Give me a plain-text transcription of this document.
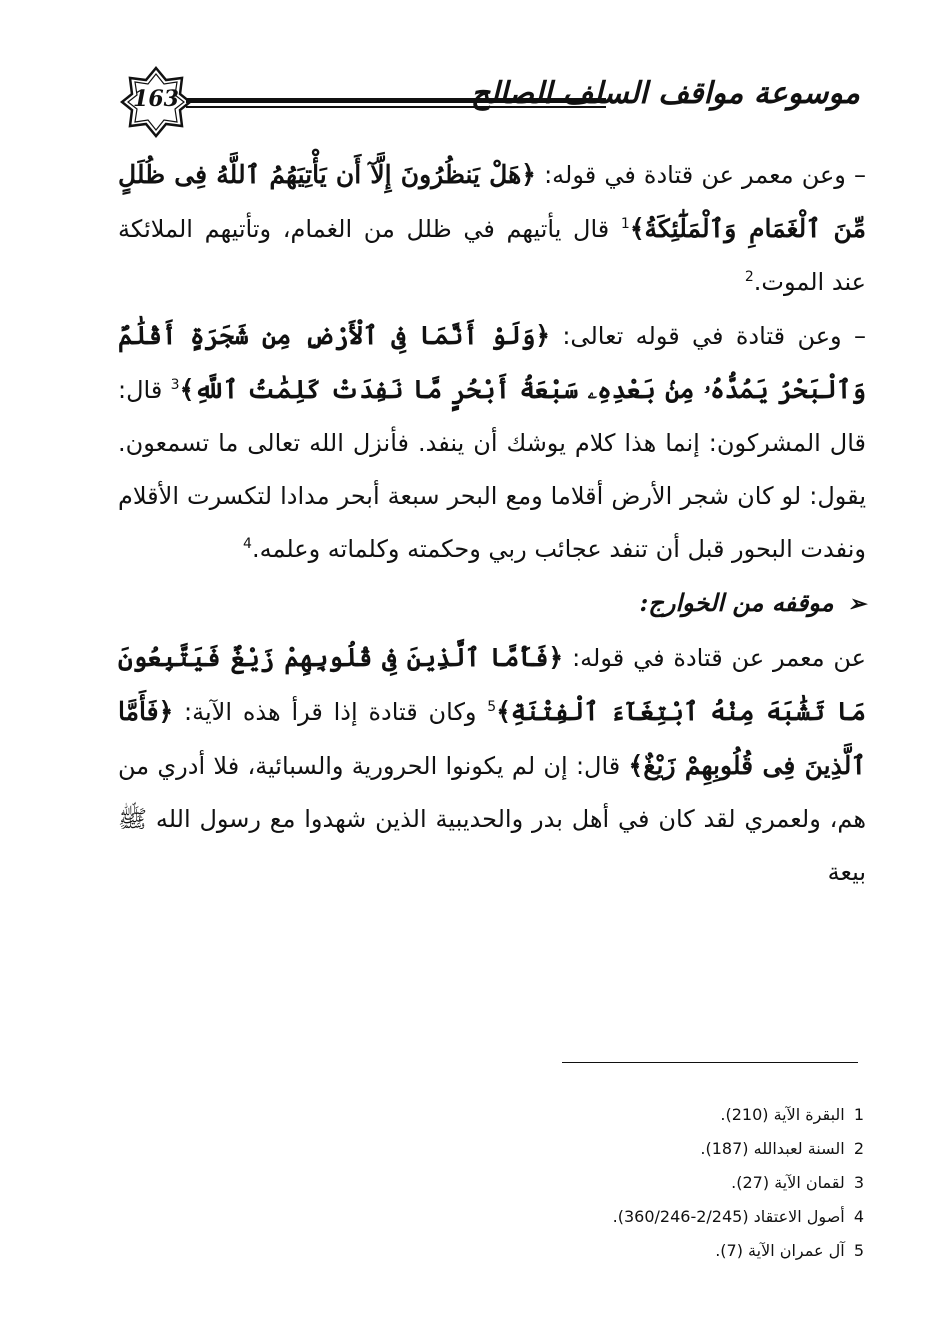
163	موسوعة مواقف السلف الصالح

– وعن معمر عن قتادة في قوله: ﴿هَلْ يَنظُرُونَ إِلَّآ أَن يَأْتِيَهُمُ ٱللَّهُ فِى ظُلَلٍ مِّنَ ٱلْغَمَامِ وَٱلْمَلَٰٓئِكَةُ﴾$^1$ قال يأتيهم في ظلل من الغمام، وتأتيهم الملائكة عند الموت.$^2$

– وعن قتادة في قوله تعالى: ﴿وَلَوْ أَنَّمَا فِى ٱلْأَرْضِ مِن شَجَرَةٍ أَقْلَٰمٌ وَٱلْبَحْرُ يَمُدُّهُۥ مِنۢ بَعْدِهِۦ سَبْعَةُ أَبْحُرٍ مَّا نَفِدَتْ كَلِمَٰتُ ٱللَّهِ﴾$^3$ قال: قال المشركون: إنما هذا كلام يوشك أن ينفد. فأنزل الله تعالى ما تسمعون. يقول: لو كان شجر الأرض أقلاما ومع البحر سبعة أبحر مدادا لتكسرت الأقلام ونفدت البحور قبل أن تنفد عجائب ربي وحكمته وكلماته وعلمه.$^4$

➢موقفه من الخوارج:

عن معمر عن قتادة في قوله: ﴿فَأَمَّا ٱلَّذِينَ فِى قُلُوبِهِمْ زَيْغٌ فَيَتَّبِعُونَ مَا تَشَٰبَهَ مِنْهُ ٱبْتِغَآءَ ٱلْفِتْنَةِ﴾$^5$ وكان قتادة إذا قرأ هذه الآية: ﴿فَأَمَّا ٱلَّذِينَ فِى قُلُوبِهِمْ زَيْغٌ﴾ قال: إن لم يكونوا الحرورية والسبائية، فلا أدري من هم، ولعمري لقد كان في أهل بدر والحديبية الذين شهدوا مع رسول الله ﷺ بيعة

1 البقرة الآية (210).
2 السنة لعبدالله (187).
3 لقمان الآية (27).
4 أصول الاعتقاد (2/245-360/246).
5 آل عمران الآية (7).
